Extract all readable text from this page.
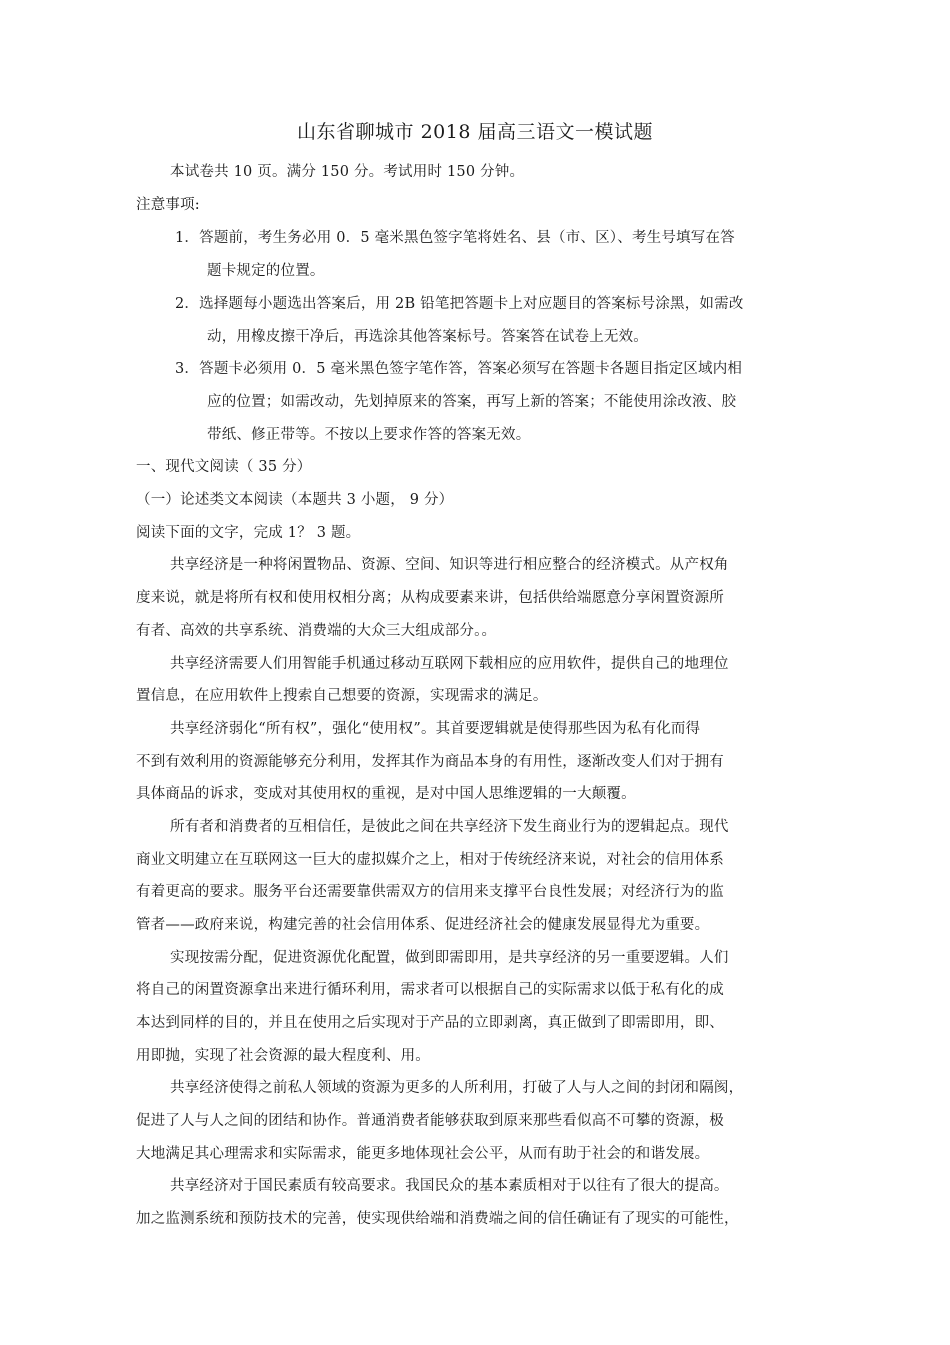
山东省聊城市 2018 届高三语文一模试题
本试卷共 10 页。满分 150 分。考试用时 150 分钟。
注意事项:
1．答题前，考生务必用 0．5 毫米黑色签字笔将姓名、县（市、区）、考生号填写在答
题卡规定的位置。
2．选择题每小题选出答案后，用 2B 铅笔把答题卡上对应题目的答案标号涂黑，如需改
动，用橡皮擦干净后，再选涂其他答案标号。答案答在试卷上无效。
3．答题卡必须用 0．5 毫米黑色签字笔作答，答案必须写在答题卡各题目指定区域内相
应的位置；如需改动，先划掉原来的答案，再写上新的答案；不能使用涂改液、胶
带纸、修正带等。不按以上要求作答的答案无效。
一、现代文阅读（ 35 分）
（一）论述类文本阅读（本题共 3 小题， 9 分）
阅读下面的文字，完成 1？ 3 题。
共享经济是一种将闲置物品、资源、空间、知识等进行相应整合的经济模式。从产权角
度来说，就是将所有权和使用权相分离；从构成要素来讲，包括供给端愿意分享闲置资源所
有者、高效的共享系统、消费端的大众三大组成部分。。
共享经济需要人们用智能手机通过移动互联网下载相应的应用软件，提供自己的地理位
置信息，在应用软件上搜索自己想要的资源，实现需求的满足。
共享经济弱化“所有权”，强化“使用权”。其首要逻辑就是使得那些因为私有化而得
不到有效利用的资源能够充分利用，发挥其作为商品本身的有用性，逐渐改变人们对于拥有
具体商品的诉求，变成对其使用权的重视，是对中国人思维逻辑的一大颠覆。
所有者和消费者的互相信任，是彼此之间在共享经济下发生商业行为的逻辑起点。现代
商业文明建立在互联网这一巨大的虚拟媒介之上，相对于传统经济来说，对社会的信用体系
有着更高的要求。服务平台还需要靠供需双方的信用来支撑平台良性发展；对经济行为的监
管者——政府来说，构建完善的社会信用体系、促进经济社会的健康发展显得尤为重要。
实现按需分配，促进资源优化配置，做到即需即用，是共享经济的另一重要逻辑。人们
将自己的闲置资源拿出来进行循环利用，需求者可以根据自己的实际需求以低于私有化的成
本达到同样的目的，并且在使用之后实现对于产品的立即剥离，真正做到了即需即用，即、
用即抛，实现了社会资源的最大程度利、用。
共享经济使得之前私人领域的资源为更多的人所利用，打破了人与人之间的封闭和隔阂，
促进了人与人之间的团结和协作。普通消费者能够获取到原来那些看似高不可攀的资源，极
大地满足其心理需求和实际需求，能更多地体现社会公平，从而有助于社会的和谐发展。
共享经济对于国民素质有较高要求。我国民众的基本素质相对于以往有了很大的提高。
加之监测系统和预防技术的完善，使实现供给端和消费端之间的信任确证有了现实的可能性，
